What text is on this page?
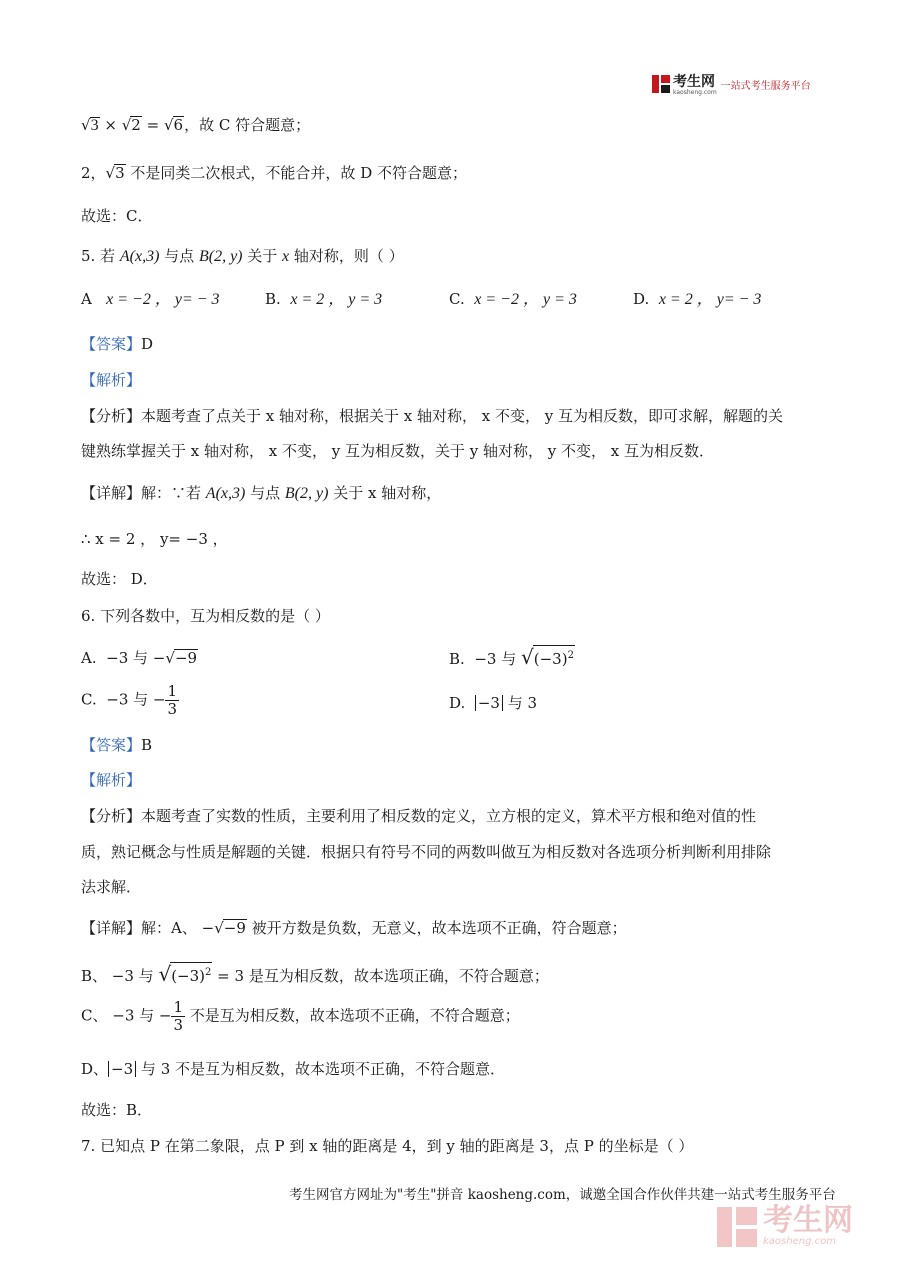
考生网
kaosheng.com
一站式考生服务平台
√3 × √2 = √6，故 C 符合题意；
2，√3 不是同类二次根式，不能合并，故 D 不符合题意；
故选：C．
5. 若 A(x,3) 与点 B(2, y) 关于 x 轴对称，则（ ）
A x = −2 ， y= − 3	B. x = 2 ， y = 3	C. x = −2 ， y = 3	D. x = 2 ， y= − 3
【答案】D
【解析】
【分析】本题考查了点关于 x 轴对称，根据关于 x 轴对称， x 不变， y 互为相反数，即可求解，解题的关
键熟练掌握关于 x 轴对称， x 不变， y 互为相反数，关于 y 轴对称， y 不变， x 互为相反数．
【详解】解：∵若 A(x,3) 与点 B(2, y) 关于 x 轴对称，
∴ x = 2 ， y= −3 ，
故选： D．
6. 下列各数中，互为相反数的是（ ）
A. −3 与 −√−9	B. −3 与 $√(-3)^2$
C. −3 与 − $\frac{1}{3}$	D. −3 与 3
【答案】B
【解析】
【分析】本题考查了实数的性质，主要利用了相反数的定义，立方根的定义，算术平方根和绝对值的性
质，熟记概念与性质是解题的关键．根据只有符号不同的两数叫做互为相反数对各选项分析判断利用排除
法求解．
【详解】解：A、 −√−9 被开方数是负数，无意义，故本选项不正确，符合题意；
B、 −3 与 $√(-3)^2 = 3$ 是互为相反数，故本选项正确，不符合题意；
C、 −3 与 − $\frac{1}{3}$ 不是互为相反数，故本选项不正确，不符合题意；
D、 −3 与 3 不是互为相反数，故本选项不正确，不符合题意．
故选：B．
7. 已知点 P 在第二象限，点 P 到 x 轴的距离是 4，到 y 轴的距离是 3，点 P 的坐标是（ ）
考生网官方网址为"考生"拼音 kaosheng.com，诚邀全国合作伙伴共建一站式考生服务平台
考生网
kaosheng.com
